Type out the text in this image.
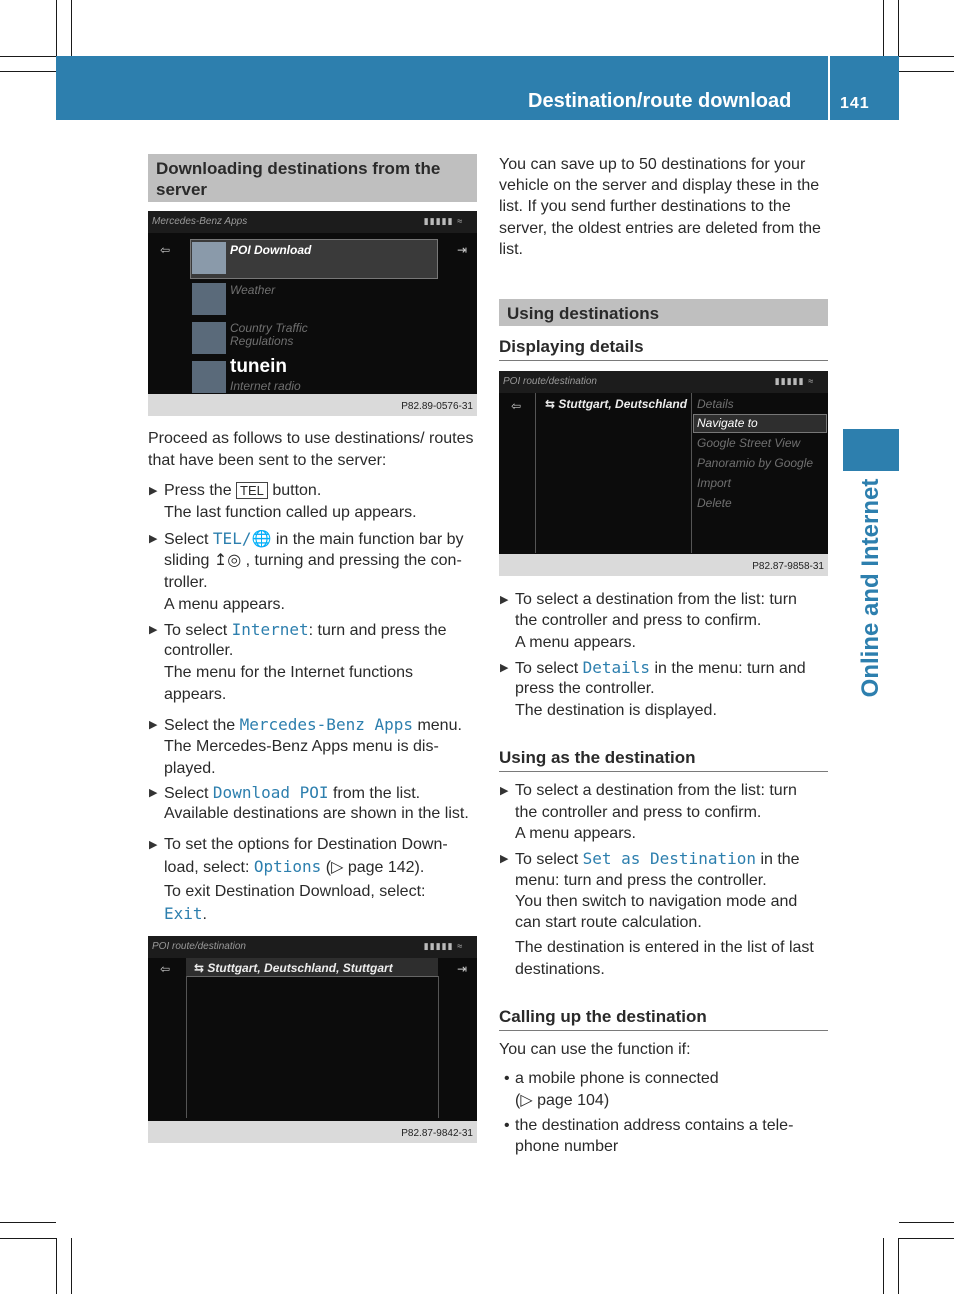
Destination/route download	141
Online and Internet
Downloading destinations from the server
Mercedes-Benz Apps	▮▮▮▮▮ ≈
⇦	⇥
POI Download
Weather
Country Traffic Regulations
tunein
Internet radio
P82.89-0576-31
Proceed as follows to use destinations/ routes that have been sent to the server:
▶ Press the TEL button.
The last function called up appears.
▶ Select TEL/🌐 in the main function bar by
sliding ↥◎ , turning and pressing the con-
troller.
A menu appears.
▶ To select Internet: turn and press the
controller.
The menu for the Internet functions
appears.
▶ Select the Mercedes-Benz Apps menu.
The Mercedes-Benz Apps menu is dis-
played.
▶ Select Download POI from the list.
Available destinations are shown in the list.
▶ To set the options for Destination Down-
load, select: Options (▷ page 142).
To exit Destination Download, select:
Exit.
POI route/destination	▮▮▮▮▮ ≈
⇦	⇥
⇆ Stuttgart, Deutschland, Stuttgart
P82.87-9842-31
You can save up to 50 destinations for your
vehicle on the server and display these in the
list. If you send further destinations to the
server, the oldest entries are deleted from the
list.
Using destinations
Displaying details
POI route/destination	▮▮▮▮▮ ≈
⇦ ⇆ Stuttgart, Deutschland Details
Navigate to
Google Street View
Panoramio by Google
Import
Delete
P82.87-9858-31
▶ To select a destination from the list: turn
the controller and press to confirm.
A menu appears.
▶ To select Details in the menu: turn and
press the controller.
The destination is displayed.
Using as the destination
▶ To select a destination from the list: turn
the controller and press to confirm.
A menu appears.
▶ To select Set as Destination in the
menu: turn and press the controller.
You then switch to navigation mode and
can start route calculation.
The destination is entered in the list of last
destinations.
Calling up the destination
You can use the function if:
• a mobile phone is connected
(▷ page 104)
• the destination address contains a tele-
phone number
